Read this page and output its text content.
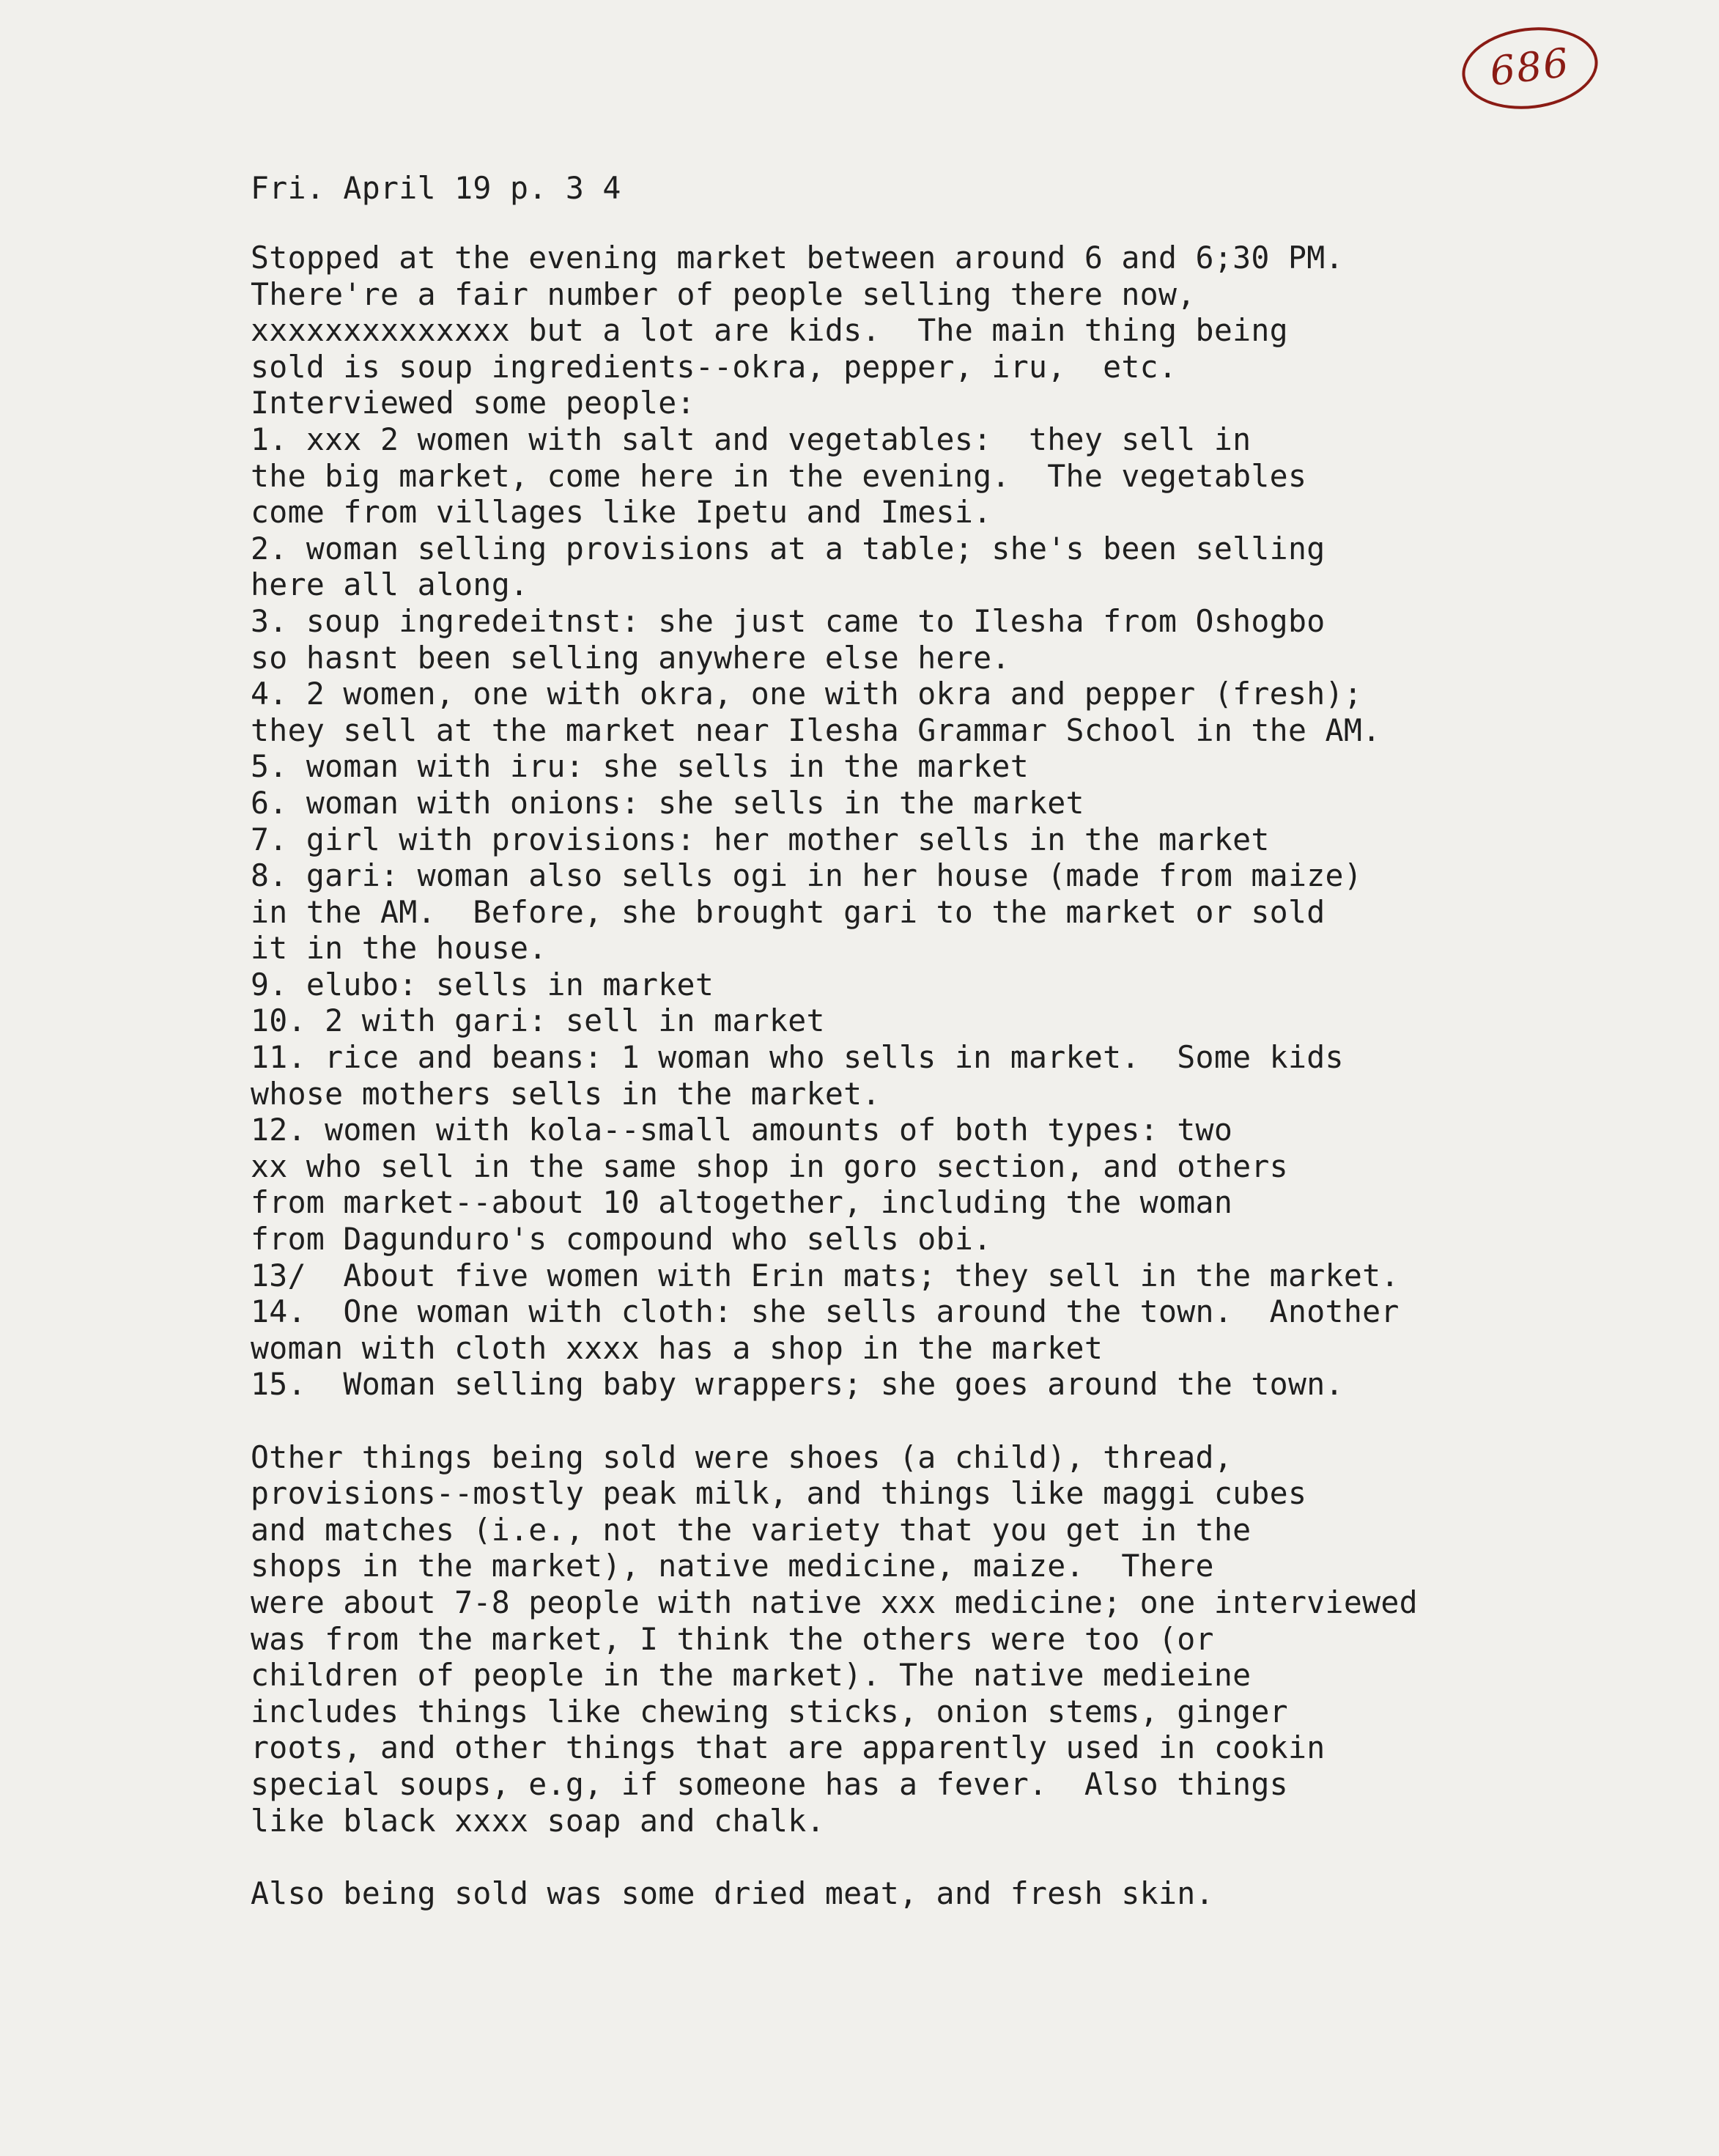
686
Fri. April 19 p. 3 4
Stopped at the evening market between around 6 and 6;30 PM.
There're a fair number of people selling there now,
xxxxxxxxxxxxxx but a lot are kids.  The main thing being
sold is soup ingredients--okra, pepper, iru,  etc.
Interviewed some people:
1. xxx 2 women with salt and vegetables:  they sell in
the big market, come here in the evening.  The vegetables
come from villages like Ipetu and Imesi.
2. woman selling provisions at a table; she's been selling
here all along.
3. soup ingredeitnst: she just came to Ilesha from Oshogbo
so hasnt been selling anywhere else here.
4. 2 women, one with okra, one with okra and pepper (fresh);
they sell at the market near Ilesha Grammar School in the AM.
5. woman with iru: she sells in the market
6. woman with onions: she sells in the market
7. girl with provisions: her mother sells in the market
8. gari: woman also sells ogi in her house (made from maize)
in the AM.  Before, she brought gari to the market or sold
it in the house.
9. elubo: sells in market
10. 2 with gari: sell in market
11. rice and beans: 1 woman who sells in market.  Some kids
whose mothers sells in the market.
12. women with kola--small amounts of both types: two
xx who sell in the same shop in goro section, and others
from market--about 10 altogether, including the woman
from Dagunduro's compound who sells obi.
13/  About five women with Erin mats; they sell in the market.
14.  One woman with cloth: she sells around the town.  Another
woman with cloth xxxx has a shop in the market
15.  Woman selling baby wrappers; she goes around the town.

Other things being sold were shoes (a child), thread,
provisions--mostly peak milk, and things like maggi cubes
and matches (i.e., not the variety that you get in the
shops in the market), native medicine, maize.  There
were about 7-8 people with native xxx medicine; one interviewed
was from the market, I think the others were too (or
children of people in the market). The native medieine
includes things like chewing sticks, onion stems, ginger
roots, and other things that are apparently used in cookin
special soups, e.g, if someone has a fever.  Also things
like black xxxx soap and chalk.

Also being sold was some dried meat, and fresh skin.
